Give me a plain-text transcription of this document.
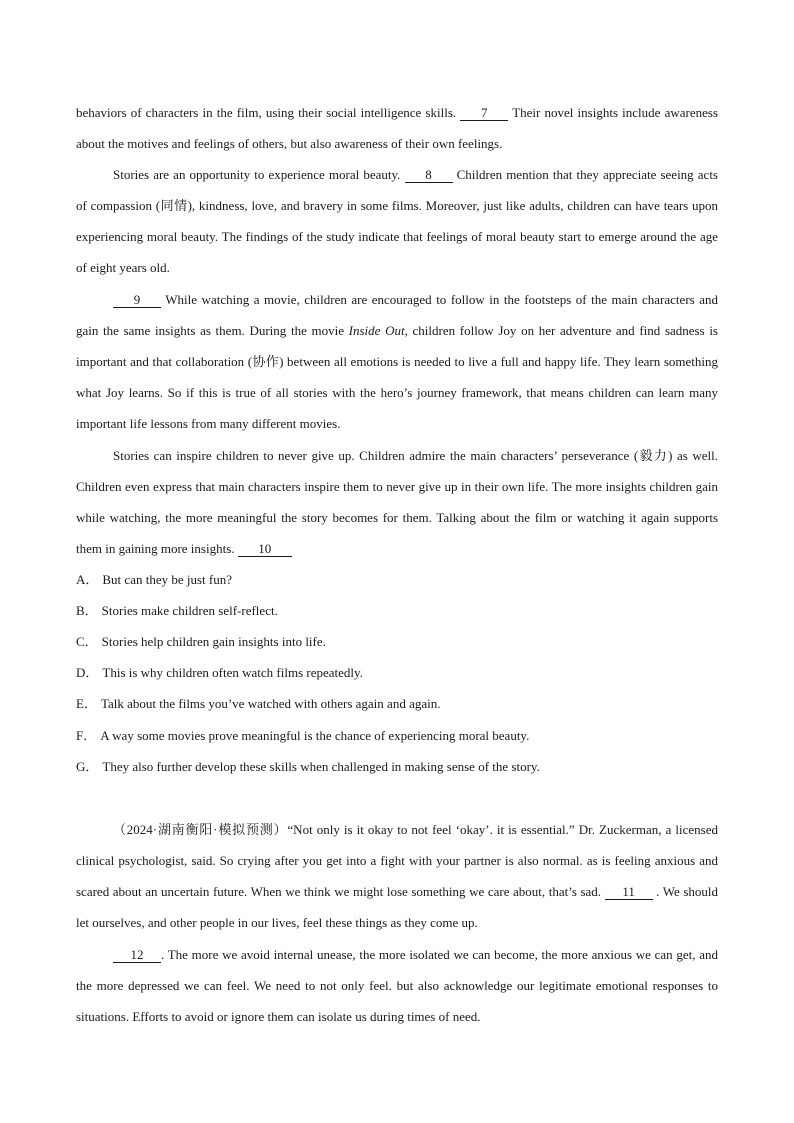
behaviors of characters in the film, using their social intelligence skills. 7 Their novel insights include awareness about the motives and feelings of others, but also awareness of their own feelings.

Stories are an opportunity to experience moral beauty. 8 Children mention that they appreciate seeing acts of compassion (同情), kindness, love, and bravery in some films. Moreover, just like adults, children can have tears upon experiencing moral beauty. The findings of the study indicate that feelings of moral beauty start to emerge around the age of eight years old.

9 While watching a movie, children are encouraged to follow in the footsteps of the main characters and gain the same insights as them. During the movie Inside Out, children follow Joy on her adventure and find sadness is important and that collaboration (协作) between all emotions is needed to live a full and happy life. They learn something what Joy learns. So if this is true of all stories with the hero’s journey framework, that means children can learn many important life lessons from many different movies.

Stories can inspire children to never give up. Children admire the main characters’ perseverance (毅力) as well. Children even express that main characters inspire them to never give up in their own life. The more insights children gain while watching, the more meaningful the story becomes for them. Talking about the film or watching it again supports them in gaining more insights. 10

A． But can they be just fun?

B． Stories make children self-reflect.

C． Stories help children gain insights into life.

D． This is why children often watch films repeatedly.

E． Talk about the films you’ve watched with others again and again.

F． A way some movies prove meaningful is the chance of experiencing moral beauty.

G． They also further develop these skills when challenged in making sense of the story.

（2024·湖南衡阳·模拟预测）“Not only is it okay to not feel ‘okay’. it is essential.” Dr. Zuckerman, a licensed clinical psychologist, said. So crying after you get into a fight with your partner is also normal. as is feeling anxious and scared about an uncertain future. When we think we might lose something we care about, that’s sad. 11 . We should let ourselves, and other people in our lives, feel these things as they come up.

12 . The more we avoid internal unease, the more isolated we can become, the more anxious we can get, and the more depressed we can feel. We need to not only feel. but also acknowledge our legitimate emotional responses to situations. Efforts to avoid or ignore them can isolate us during times of need.
